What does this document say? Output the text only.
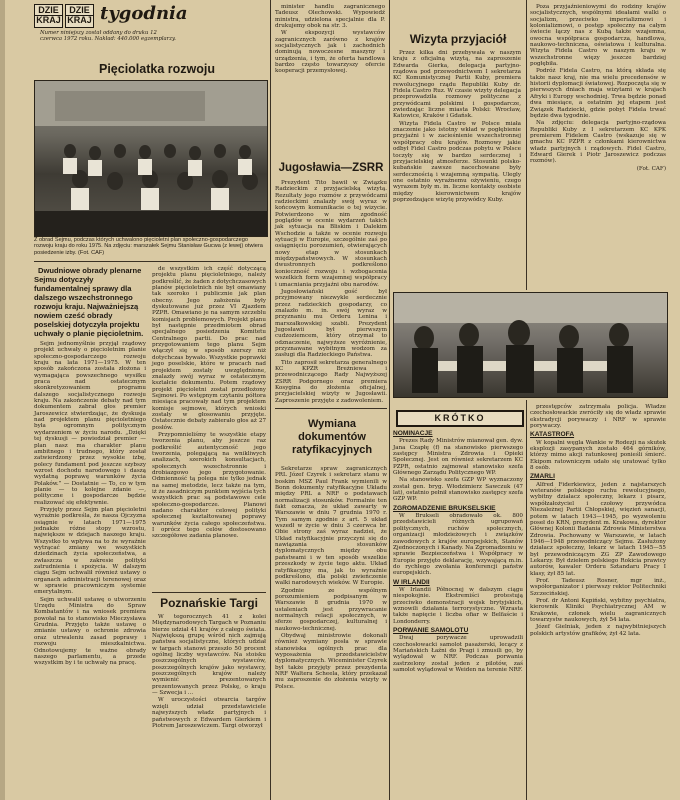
DZIE
KRAJ
DZIE
KRAJ tygodnia
Numer niniejszy został oddany do druku 12 czerwca 1972 roku. Nakład: 440.000 egzemplarzy.
Pięciolatka rozwoju
Z obrad Sejmu, podczas których uchwalono pięcioletni plan społeczno-gospodarczego rozwoju kraju do roku 1975. Na zdjęciu: marszałek Sejmu Stanisław Gucwa (z lewej) otwiera posiedzenie izby. (Fot. CAF)

Dwudniowe obrady plenarne Sejmu dotyczyły fundamentalnej sprawy dla dalszego wszechstronnego rozwoju kraju. Najważniejszą nowiem cześć obrady poselskiej dotyczyła projektu uchwały o planie pięcioletnim.

Sejm jednomyślnie przyjął rządowy projekt uchwały o pięcioletnim planie społeczno-gospodarczego rozwoju kraju na lata 1971—1975. W ten sposób zakończona została złożona i wymagająca powszechnego wysiłku praca nad ostatecznym skonkretyzowaniem programu dalszego socjalistycznego rozwoju kraju. Na zakończenie debaty nad tym dokumentem zabrał głos premier Jaroszewicz stwierdzając, że dyskusja nad projektem planu pięcioletniego była ogromnym politycznym wydarzeniem w życiu narodu. „Dzięki tej dyskusji — powiedział premier — plan nasz ma charakter planu ambitnego i trudnego, który został zatwierdzony przez wysokie izbę, polecy fundament pod jeszcze szybszy wzrost dochodu narodowego i daszą wydatną poprawę warunków życia Polaków.” — Dostatnie — To, co w tym planie — to kolejne zdanie —, polityczne i gospodarcze będzie realizować się efektywnie.

Przyjęty przez Sejm plan pięcioletni wyraźnie podkreśla, że nasza Ojczyzna osiągnie w latach 1971—1975 jednakże różne stopy wzrostu, największe w dziejach naszego kraju. Wszystko to wpływa na to że wyraźnie wytrącać zmiany we wszystkich dziedzinach życia społeczeństwa, a zwłaszcza w zakresie polityki zatrudnienia i spożycia. W dalszym ciągu Sejm uchwalił również ustawy o organach administracji terenowej oraz w sprawie pracowniczym systemie emerytalnym.

Sejm uchwalił ustawę o utworzeniu Urzędu Ministra do Spraw Kombatantów i na wniosek premiera powołał na to stanowisko Mieczysława Grudnia. Przyjęto także ustawę o zmianie ustawy o ochronie zdrowia oraz utrwaleniu zasad poprawy i rozwoju mieszkalnictwa. Odnotowujemy te ważne obrady naszego parlamentu, a przede wszystkim by i te uchwały na pracę.

de wszystkim ich część dotyczącą projektu planu pięcioletniego, należy podkreślić, że żaden z dotychczasowych planów pięcioletnich nie był omawiany tak szeroko i publicznie jak plan obecny. Jego założenia były dyskutowane już przez VI Zjazdem PZPR. Omawiano je na samym szczeblu komisjach problemowych. Projekt planu był następnie przedmiotem obrad specjalnego posiedzenia Komitetu Centralnego partii. Do prac nad przygotowaniem tego planu Sejm włączył się w sposób szerszy niż dotychczas bywało. Wszystkie poprawki jego poselskie, które w pracach nad projektem zostały uwzględnione, znalazły swój wyraz w ostatecznym kształcie dokumentu. Potem rządowy projekt pięcioletni został przedłożony Sejmowi. Po wstępnym czytaniu półtora miesiąca pracowały nad tym projektem komisje sejmowe, których wnioski zostały w głosowaniu przyjęte. Ostatecznie debaty zabierało głos aż 27 posłów.

Przypomnieliśmy te wszystkie etapy tworzenia planu, aby jeszcze raz podkreślić autentyczność jego tworzenia, polegającą na wnikliwych analizach, szerokich konsultacjach, społecznych wszechstronnie i drobiazgowo jego przygotowanie. Odmienność tą polega nie tylko jednak na samej metodzie, lecz także na tym, iż że zasadniczym punktem wyjścia tych wszystkich prac są podstawowe cele społeczno-gospodarcze. Planowi nadano charakter celowej polityki społecznej kształtowanej poprawy warunków życia całego społeczeństwa. I oprócz tego celów dostosowano szczegółowe zadania planowe.

Poznańskie Targi

W tegorocznych 41 z kolei Międzynarodowych Targach w Poznaniu bierze udział 41 krajów z całego świata. Największą grupę wśród nich zajmują państwa socjalistyczne, których udział w targach stanowi przeszło 50 procent ogólnej liczby wystawców. Na stoisku poszczególnych wystawców, poszczególnych krajów jako wystawcy, poszczególnych krajów należy wymienić prezentowanych prezentowanych przez Polskę, o kraju — Szwecja i ...

W uroczystości otwarcia targów wzięli udział przedstawiciele najwyższych władz partyjnych i państwowych z Edwardem Gierkiem i Piotrem Jaroszewiczem. Targi otworzył

minister handlu zagranicznego Tadeusz Olechowski. Wypowiedź ministra, udzielona specjalnie dla P. drukujemy obok na str. 3.

W ekspozycji wystawców zagranicznych zarówno z krajów socjalistycznych jak i zachodnich dominują nowoczesne maszyny i urządzenia, i tym, że oferta handlowa bardzo często towarzyszy ofercie kooperacji przemysłowej.

Jugosławia—ZSRR

Prezydent Tito bawił w Związku Radzieckim z przyjacielską wizytą. Rezultaty jego rozmów z przywódcami radzieckimi znalazły swój wyraz w końcowym komunikacie o tej wizycie. Potwierdzono w nim zgodność poglądów w ocenie wydarzeń takich jak sytuacja na Bliskim i Dalekim Wschodzie a także w ocenie rozwoju sytuacji w Europie, szczególnie zaś po osiągnięciu porozumień, otwierających nowy etap w stosunkach międzypaństwowych. W stosunkach dwustronnych podkreślono konieczność rozwoju i wzbogacenia wszelkich form wzajemnej współpracy i umacniania przyjaźni obu narodów.

Jugosłowiański gość był przyjmowany niezwykle serdecznie przez radzieckich gospodarzy, co znalazło m. in. swój wyraz w przyznaniu mu Orderu Lenina i marszałkowskiej szabli. Prezydent Jugosławii był pierwszym cudzoziemcem, który otrzymał to odznaczenie, najwyższe wyróżnienie, przyznawane wybitnym wodzom za zasługi dla Radzieckiego Państwa.

Tito zaprosił sekretarza generalnego KC KPZR Breżniewa i przewodniczącego Rady Najwyższej ZSRR Podgornego oraz premiera Kosygina do złożenia oficjalnej, przyjacielskiej wizyty w Jugosławii. Zaproszenie przyjęte z zadowoleniem.

Wymiana dokumentów ratyfikacyjnych

Sekretarze spraw zagranicznych PRL Józef Czyrek i sekretarz stanu w boskim MSZ Paul Frank wymienili w Bonn dokumenty ratyfikacyjne Układu między PRL a NRF o podstawach normalizacji stosunków. Formalnie ten fakt oznacza, że układ zawarty w Warszawie w dniu 7 grudnia 1970 r. Tym samym zgodnie z art. 5 układ wszedł w życie w dniu 3 czerwca br. Obie strony zaś wyraz nadziei, że Układ ratyfikacyjnie przyczyni się do nawiązania stosunków dyplomatycznych między obu państwami i w ten sposób wszelkie przeszkody w życie tego aktu. Układ ratyfikacyjny ma, jak to wyraźnie podkreślono, dla polski zwieńczenie walki narodowych wieków. W Europie.

Zgodnie ze wspólnym porozumieniem podpisanym w Warszawie 8 grudnia 1970 w ustaleniach jest przywracanie normalnych relacji społecznych, w sferze gospodarczej, kulturalnej i naukowo-technicznej.

Obydwaj ministrowie dokonali również wymiany posła w sprawie stanowiska ogólnych prac dla wyposażenia przedstawicielstw dyplomatycznych. Wiceminister Czyrek był także przyjęty przez prezydenta NRF Waltera Scheela, który przekazał mu zaproszenie do złożenia wizyty w Polsce.

Wizyta przyjaciół

Przez kilka dni przebywała w naszym kraju z oficjalną wizytą, na zaproszenie Edwarda Gierka, delegacja partyjno-rządowa pod przewodnictwem I sekretarza KC Komunistycznej Partii Kuby, premiera rewolucyjnego rządu Republiki Kuby dr. Fidela Castro Ruz. W czasie wizyty delegacja przeprowadziła rozmowy polityczne z przywódcami polskimi i gospodarcze, zwiedzając liczne miasta Polski: Wrocław, Katowice, Kraków i Gdańsk.

Wizyta Fidela Castro w Polsce miała znaczenie jako istotny wkład w pogłębienie przyjaźni i w zacieśnienie wszechstronnej współpracy obu krajów. Rozmowy jakie odbył Fidel Castro podczas pobytu w Polsce toczyły się w bardzo serdecznej i przyjacielskiej atmosferze. Stosunki polsko-kubańskie zawsze nacechowane były serdecznością i wzajemną sympatią. Ulegly one ostatnio wyraźnemu ożywieniu, czego wyrazem były m. in. liczne kontakty osobiste między kierownictwem krajów poprzedzające wizytę przywódcy Kuby.

Poza przyjaźnieniowymi do rodziny krajów socjalistycznych, wspólnymi ideałami walki o socjalizm, przeciwko imperializmowi i kolonializmowi, o postęp społeczny na całym świecie łączy nas z Kubą także wzajemna, owocna współpraca gospodarcza, handlowa, naukowo-techniczna, oświatowa i kulturalna. Wizyta Fidela Castro w naszym kraju w wszechstronne więzy jeszcze bardziej pogłębiła.

Podróż Fidela Castro, na którą składa się także nasz kraj, nie ma wielu precedensów w historii dyplomacji światowej. Rozpoczęta się w pierwszych dniach maja wizytami w krajach Afryki i Europy wschodniej. Trwa będzie ponad dwa miesiące, a ostatnim jej etapem jest Związek Radziecki, gdzie pobyt Fidela trwać będzie dwa tygodnie.

Na zdjęciu: delegacja partyjno-rządowa Republiki Kuby z I sekretarzem KC KPK premierem Fidelem Castro (wskazuje się w gmachu KC PZPR z członkami kierownictwa władz partyjnych i rządowych. Fidel Castro, Edward Gierek i Piotr Jaroszewicz podczas rozmów).

(Fot. CAF)

KRÓTKO
NOMINACJE

Prezes Rady Ministrów mianował gen. dyw. Jana Czapłę (f) na stanowisko pierwszego zastępcy Ministra Zdrowia i Opieki Społecznej. Jest on również sekretarzem KC PZPR, ostatnio zajmował stanowisko szefa Głównego Zarządu Politycznego WP.

Na stanowisko szefa GZP WP wyznaczony został gen. bryg. Włodzimierz Sawczuk (47 lat), ostatnio pełnił stanowisko zastępcy szefa GZP WP.

ZGROMADZENIE BRUKSELSKIE

W Brukseli obradowało ok. 800 przedstawicieli różnych ugrupowań politycznych, ruchów społecznych, organizacji młodzieżowych i związków zawodowych z krajów europejskich, Stanów Zjednoczonych i Kanady. Na Zgromadzeniu w sprawie Bezpieczeństwa i Współpracy w Europie przyjęto deklarację, wzywającą m.in. do rychłego zwołania konferencji państw europejskich.

W IRLANDII

W Irlandii Północnej w dalszym ciągu niespokojnie. Ekstremiści protestują przeciwko demonstracji wojsk brytyjskich, wznowili działania terrorystyczne. Wzrasta także napięcie i liczba ofiar w Belfaście i Londonderry.

PORWANIE SAMOLOTU

Dwaj porywacze uprowadzili czechosłowacki samolot pasażerski, lecący z Mariańskich Łaźni do Pragi i zmusili go, by wylądował w NRF. Podczas porwania zastrzelony został jeden z pilotów, zaś samolot wylądował w Weiden na terenie NRF.

przestępców zatrzymała policja. Władze czechosłowackie zwróciły się do władz sprawie ekstradycji porywaczy i NRF w sprawie porywaczy.

KATASTROFA

W kopalni węgla Wankie w Rodezji na skutek eksplozji zasypanych zostało 464 górników, którzy mimo akcji ratunkowej ponieśli śmierć. Ekipom ratowniczym udało się uratować tylko 8 osób.

ZMARLI

Alfred Fiderkiewicz, jeden z najstarszych weteranów polskiego ruchu rewolucyjnego, wybitny działacz społeczny, lekarz i pisarz, współzałożyciel i czołowy przywódca Niezależnej Partii Chłopskiej, więzień sanacji, potem w latach 1943—1945, po wyzwoleniu poseł do KRN, prezydent m. Krakowa, dyrektor Głównej Kolonii Badania Zdrowia Ministerstwa Zdrowia. Pochowany w Warszawie, w latach 1946—1948 przewodniczący Sejmu. Zasłużony działacz społeczny, lekarz w latach 1945—55 był przewodniczącym ZG ZP Zawodowego Lekarzy. Był dziełem polskiego Rokicia prawicy autorów, kawaler Orderu Sztandaru Pracy I klasy, żył 85 lat.

Prof. Tadeusz Rosner, mgr inż., współorganizator i pierwszy rektor Politechniki Szczecińskiej.

Prof. dr Antoni Kępiński, wybitny psychiatra, kierownik Kliniki Psychiatrycznej AM w Krakowie, członek wielu zagranicznych towarzystw naukowych, żył 54 lata.

Józef Gielniak, jeden z najwybitniejszych polskich artystów grafików, żył 42 lata.
